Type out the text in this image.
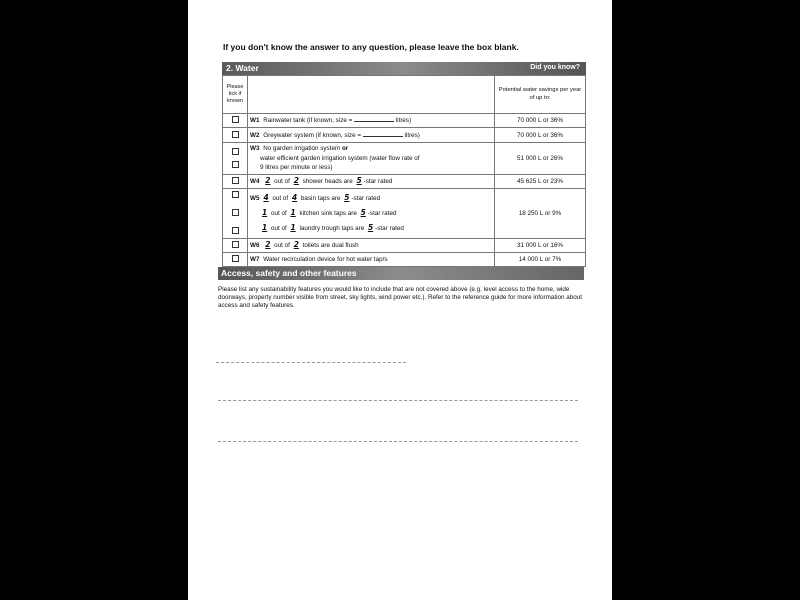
If you don't know the answer to any question, please leave the box blank.
2. Water	Did you know?
Please tick if known		Potential water savings per year of up to:
	W1 Rainwater tank (if known, size = litres)	70 000 L or 36%
	W2 Greywater system (if known, size = litres)	70 000 L or 36%

	W3 No garden irrigation system or
water efficient garden irrigation system (water flow rate of
9 litres per minute or less)	51 000 L or 26%
	W4 2 out of 2 shower heads are 5 -star rated	45 625 L or 23%

	W5 4 out of 4 basin taps are 5 -star rated
1 out of 1 kitchen sink taps are 5 -star rated
1 out of 1 laundry trough taps are 5 -star rated	18 250 L or 9%
	W6 2 out of 2 toilets are dual flush	31 000 L or 16%
	W7 Water recirculation device for hot water tap/s	14 000 L or 7%
Access, safety and other features
Please list any sustainability features you would like to include that are not covered above (e.g. level access to the home, wide doorways, property number visible from street, sky lights, wind power etc.). Refer to the reference guide for more information about access and safety features.
